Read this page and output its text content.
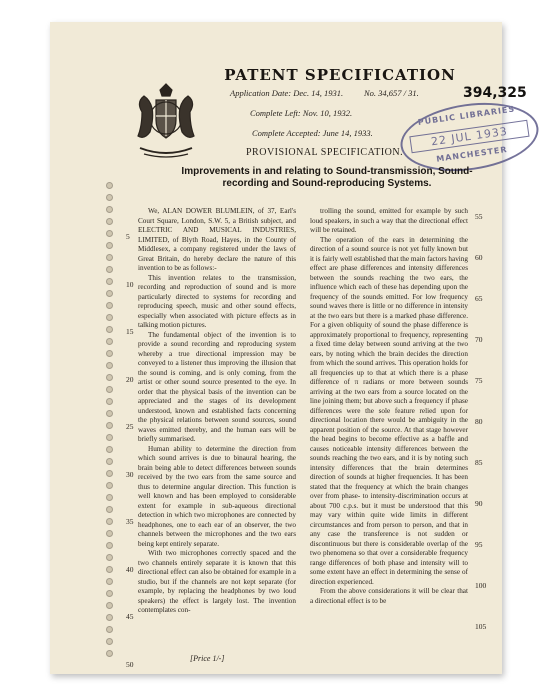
PATENT SPECIFICATION
Application Date: Dec. 14, 1931. No. 34,657 / 31.	394,325
Complete Left: Nov. 10, 1932.
Complete Accepted: June 14, 1933.
PUBLIC LIBRARIES
22 JUL 1933
MANCHESTER
PROVISIONAL SPECIFICATION.
Improvements in and relating to Sound-transmission, Sound-recording and Sound-reproducing Systems.

We, ALAN DOWER BLUMLEIN, of 37, Earl's Court Square, London, S.W. 5, a British subject, and ELECTRIC AND MUSICAL INDUSTRIES, LIMITED, of Blyth Road, Hayes, in the County of Middlesex, a company registered under the laws of Great Britain, do hereby declare the nature of this invention to be as follows:-

This invention relates to the transmission, recording and reproduction of sound and is more particularly directed to systems for recording and reproducing speech, music and other sound effects, especially when associated with picture effects as in talking motion pictures.

The fundamental object of the invention is to provide a sound recording and reproducing system whereby a true directional impression may be conveyed to a listener thus improving the illusion that the sound is coming, and is only coming, from the artist or other sound source presented to the eye. In order that the physical basis of the invention can be appreciated and the stages of its development understood, known and established facts concerning the physical relations between sound sources, sound waves emitted thereby, and the human ears will be briefly summarised.

Human ability to determine the direction from which sound arrives is due to binaural hearing, the brain being able to detect differences between sounds received by the two ears from the same source and thus to determine angular direction. This function is well known and has been employed to considerable extent for example in sub-aqueous directional detection in which two microphones are connected by headphones, one to each ear of an observer, the two channels between the microphones and the two ears being kept entirely separate.

With two microphones correctly spaced and the two channels entirely separate it is known that this directional effect can also be obtained for example in a studio, but if the channels are not kept separate (for example, by replacing the headphones by two loud speakers) the effect is largely lost. The invention contemplates con-

trolling the sound, emitted for example by such loud speakers, in such a way that the directional effect will be retained.

The operation of the ears in determining the direction of a sound source is not yet fully known but it is fairly well established that the main factors having effect are phase differences and intensity differences between the sounds reaching the two ears, the influence which each of these has depending upon the frequency of the sounds emitted. For low frequency sound waves there is little or no difference in intensity at the two ears but there is a marked phase difference. For a given obliquity of sound the phase difference is approximately proportional to frequency, representing a fixed time delay between sound arriving at the two ears, by noting which the brain decides the direction from which the sound arrives. This operation holds for all frequencies up to that at which there is a phase difference of π radians or more between sounds arriving at the two ears from a source located on the line joining them; but above such a frequency if phase differences were the sole feature relied upon for directional location there would be ambiguity in the apparent position of the source. At that stage however the head begins to become effective as a baffle and causes noticeable intensity differences between the sounds reaching the two ears, and it is by noting such intensity differences that the brain determines direction of sounds at higher frequencies. It has been stated that the frequency at which the brain changes over from phase- to intensity-discrimination occurs at about 700 c.p.s. but it must be understood that this may vary within quite wide limits in different circumstances and from person to person, and that in any case the transference is not sudden or discontinuous but there is considerable overlap of the two phenomena so that over a considerable frequency range differences of both phase and intensity will to some extent have an effect in determining the sense of direction experienced.

From the above considerations it will be clear that a directional effect is to be

5
10
15
20
25
30
35
40
45
50
55
60
65
70
75
80
85
90
95
100
105
[Price 1/-]
